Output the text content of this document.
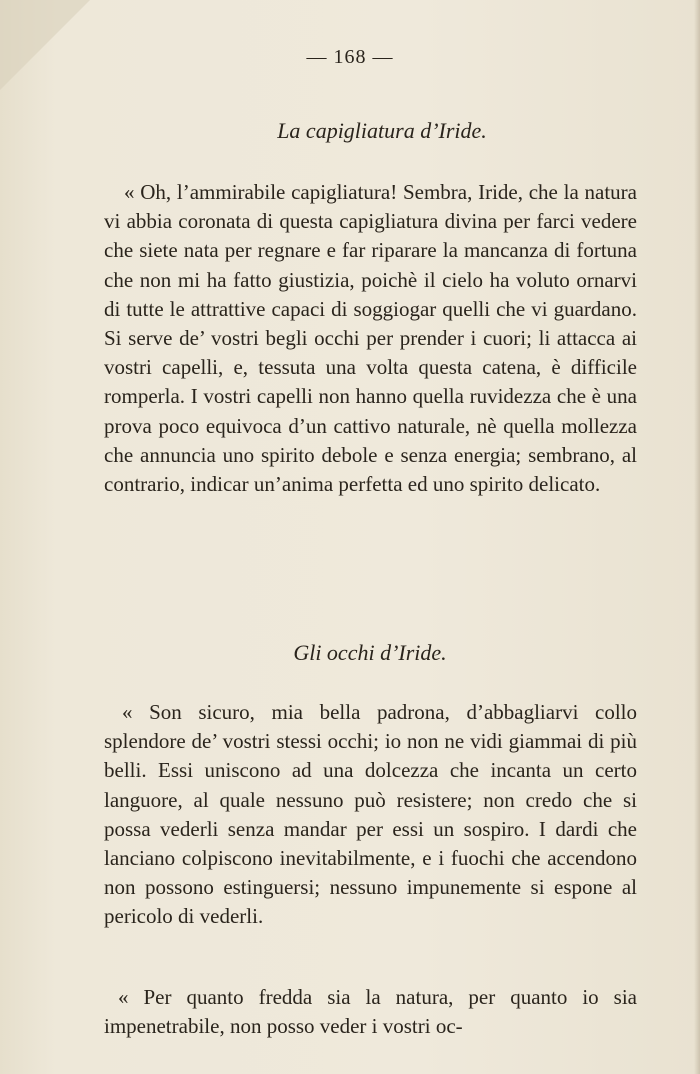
— 168 —
La capigliatura d’Iride.
« Oh, l’ammirabile capigliatura! Sembra, Iride, che la natura vi abbia coronata di questa capigliatura divina per farci vedere che siete nata per regnare e far riparare la mancanza di fortuna che non mi ha fatto giustizia, poichè il cielo ha voluto ornarvi di tutte le attrattive capaci di soggiogar quelli che vi guardano. Si serve de’ vostri begli occhi per prender i cuori; li attacca ai vostri capelli, e, tessuta una volta questa catena, è difficile romperla. I vostri capelli non hanno quella ruvidezza che è una prova poco equivoca d’un cattivo naturale, nè quella mollezza che annuncia uno spirito debole e senza energia; sembrano, al contrario, indicar un’anima perfetta ed uno spirito delicato.
Gli occhi d’Iride.
« Son sicuro, mia bella padrona, d’abbagliarvi collo splendore de’ vostri stessi occhi; io non ne vidi giammai di più belli. Essi uniscono ad una dolcezza che incanta un certo languore, al quale nessuno può resistere; non credo che si possa vederli senza mandar per essi un sospiro. I dardi che lanciano colpiscono inevitabilmente, e i fuochi che accendono non possono estinguersi; nessuno impunemente si espone al pericolo di vederli.
« Per quanto fredda sia la natura, per quanto io sia impenetrabile, non posso veder i vostri oc-
